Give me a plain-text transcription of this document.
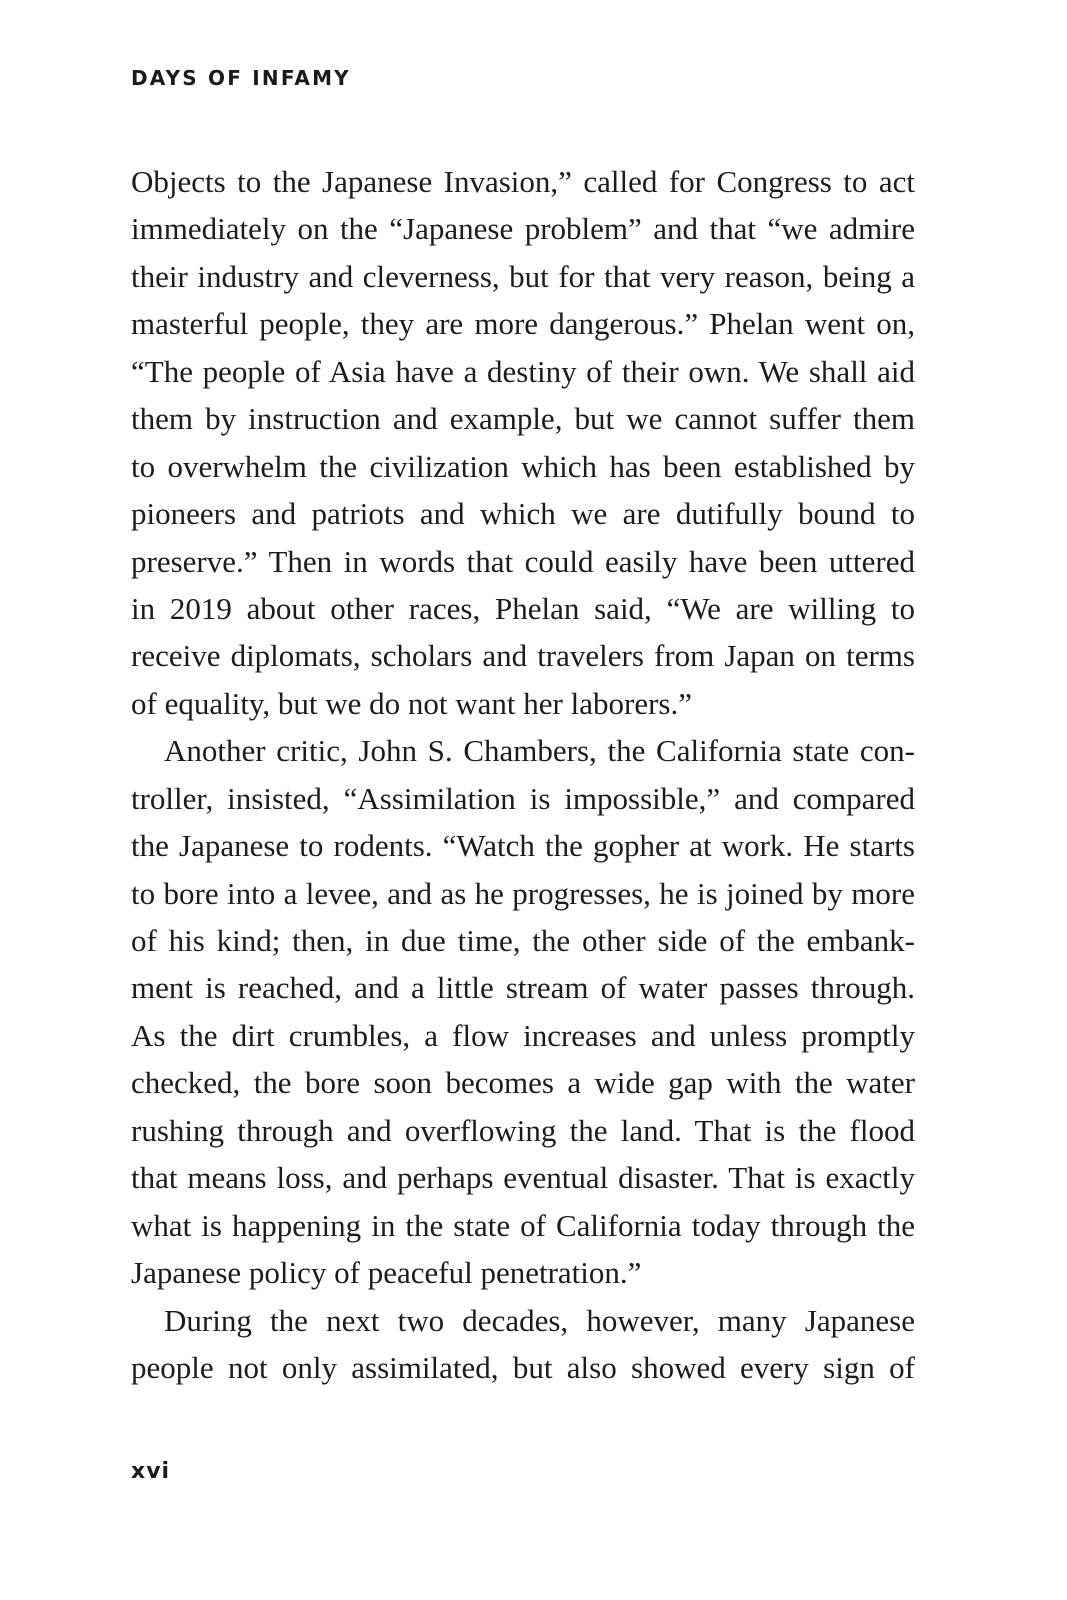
DAYS OF INFAMY

Objects to the Japanese Invasion,” called for Congress to act
immediately on the “Japanese problem” and that “we admire
their industry and cleverness, but for that very reason, being a
masterful people, they are more dangerous.” Phelan went on,
“The people of Asia have a destiny of their own. We shall aid
them by instruction and example, but we cannot suffer them
to overwhelm the civilization which has been established by
pioneers and patriots and which we are dutifully bound to
preserve.” Then in words that could easily have been uttered
in 2019 about other races, Phelan said, “We are willing to
receive diplomats, scholars and travelers from Japan on terms
of equality, but we do not want her laborers.”
Another critic, John S. Chambers, the California state con-
troller, insisted, “Assimilation is impossible,” and compared
the Japanese to rodents. “Watch the gopher at work. He starts
to bore into a levee, and as he progresses, he is joined by more
of his kind; then, in due time, the other side of the embank-
ment is reached, and a little stream of water passes through.
As the dirt crumbles, a flow increases and unless promptly
checked, the bore soon becomes a wide gap with the water
rushing through and overflowing the land. That is the flood
that means loss, and perhaps eventual disaster. That is exactly
what is happening in the state of California today through the
Japanese policy of peaceful penetration.”
During the next two decades, however, many Japanese
people not only assimilated, but also showed every sign of

xvi
